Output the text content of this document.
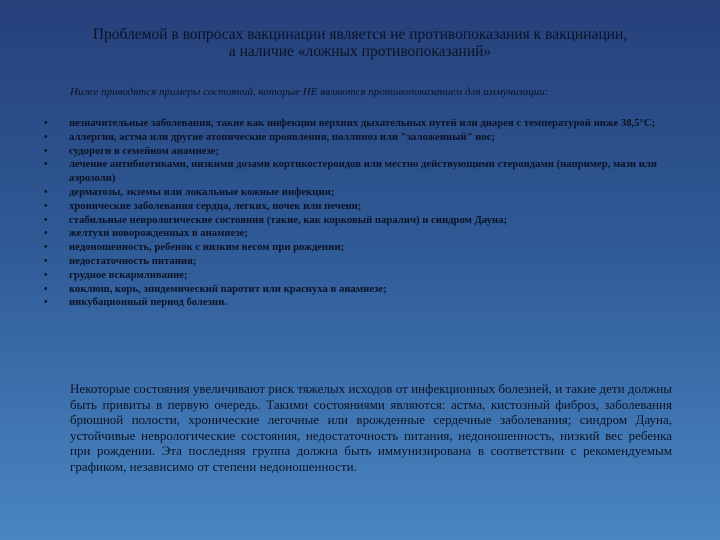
Проблемой в вопросах вакцинации является не противопоказания к вакцинации,
а наличие «ложных противопоказаний»
Ниже приводятся примеры состояний, которые НЕ являются противопоказанием для иммунизации:
• незначительные заболевания, такие как инфекции верхних дыхательных путей или диарея с температурой ниже 38,5°С;
• аллергия, астма или другие атопические проявления, поллиноз или "заложенный" нос;
• судороги в семейном анамнезе;
• лечение антибиотиками, низкими дозами кортикостероидов или местно действующими стероидами (например, мази или аэрозоли)
• дерматозы, экземы или локальные кожные инфекции;
• хронические заболевания сердца, легких, почек или печени;
• стабильные неврологические состояния (такие, как корковый паралич) и синдром Дауна;
• желтухи новорожденных в анамнезе;
• недоношенность, ребенок с низким весом при рождении;
• недостаточность питания;
• грудное вскармливание;
• коклюш, корь, эпидемический паротит или краснуха в анамнезе;
• инкубационный период болезни.
Некоторые состояния увеличивают риск тяжелых исходов от инфекционных болезней, и такие дети должны быть привиты в первую очередь. Такими состояниями являются: астма, кистозный фиброз, заболевания брюшной полости, хронические легочные или врожденные сердечные заболевания; синдром Дауна, устойчивые неврологические состояния, недостаточность питания, недоношенность, низкий вес ребенка при рождении. Эта последняя группа должна быть иммунизирована в соответствии с рекомендуемым графиком, независимо от степени недоношенности.
